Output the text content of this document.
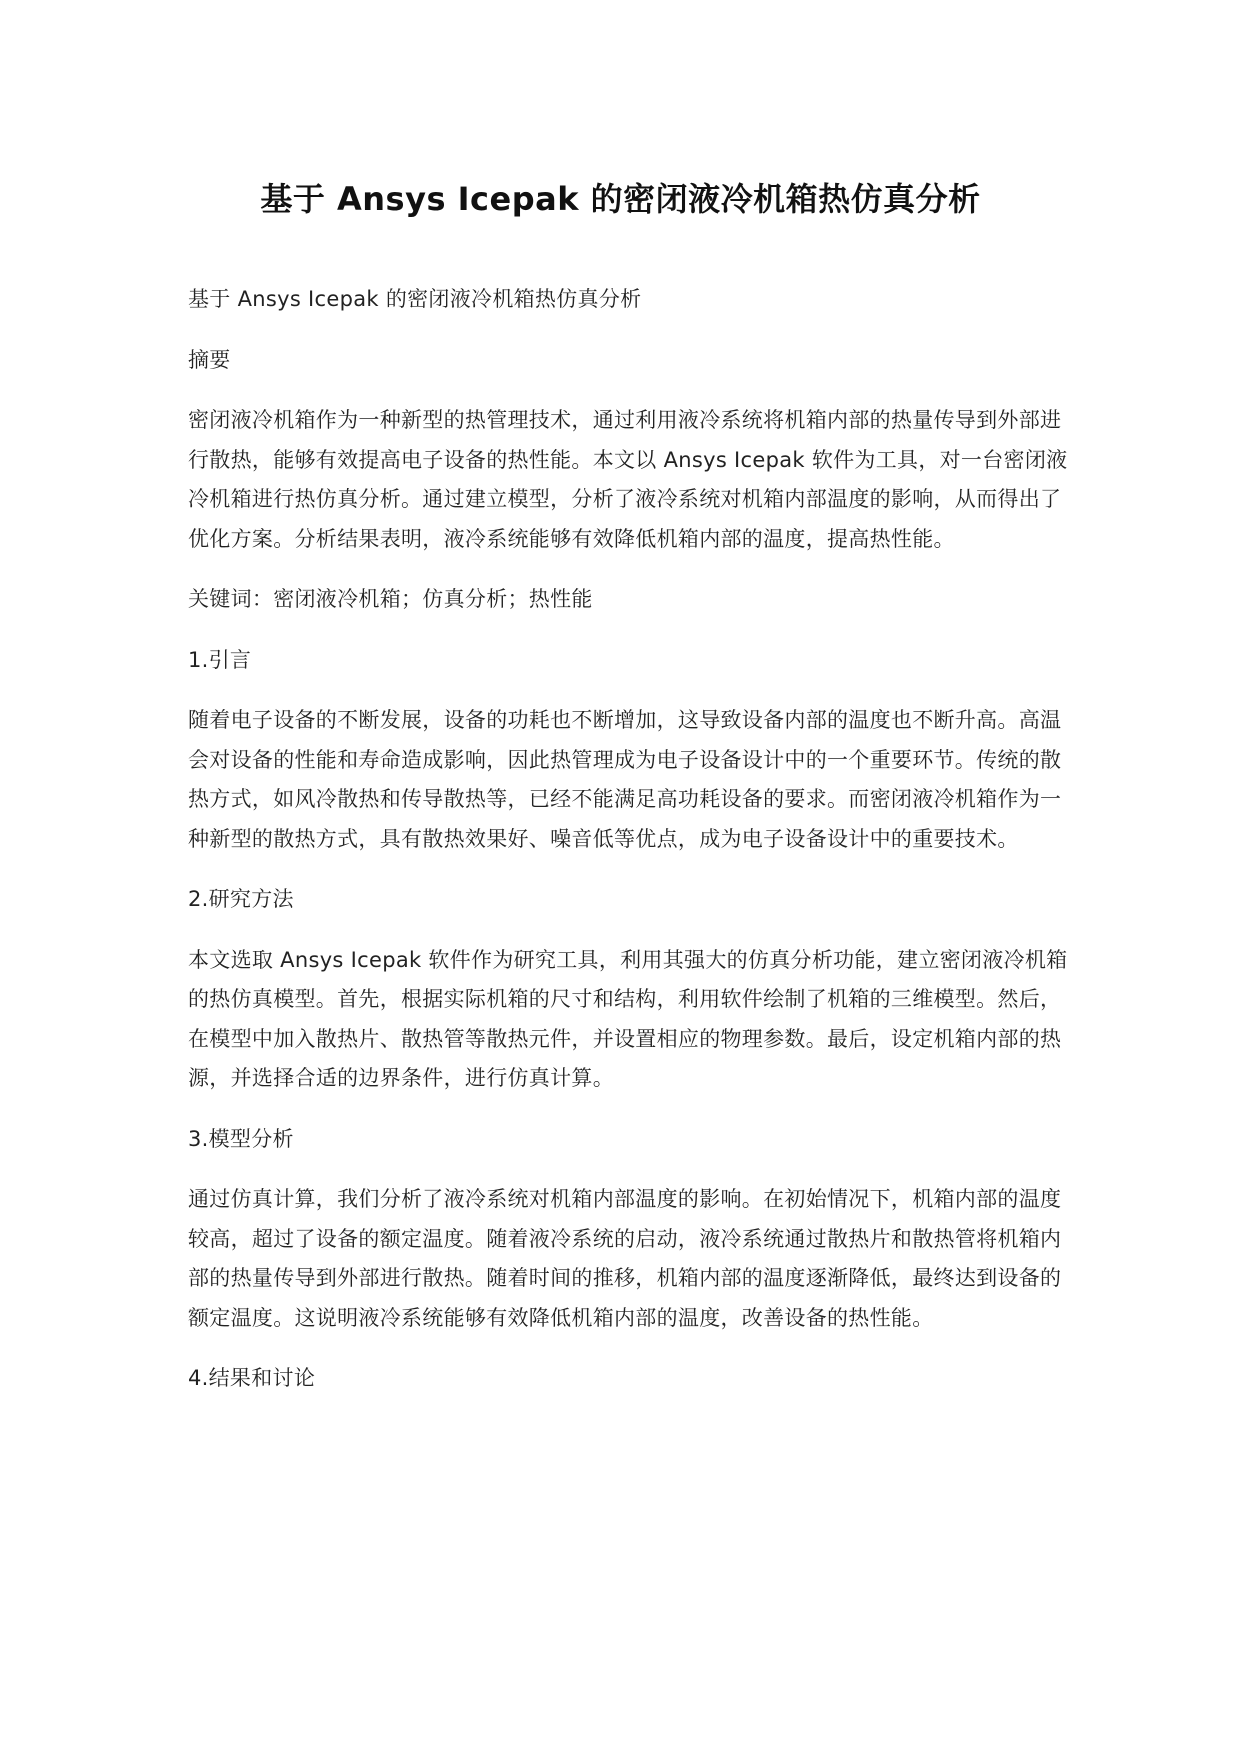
基于 Ansys Icepak 的密闭液冷机箱热仿真分析

基于 Ansys Icepak 的密闭液冷机箱热仿真分析

摘要

密闭液冷机箱作为一种新型的热管理技术，通过利用液冷系统将机箱内部的热量传导到外部进行散热，能够有效提高电子设备的热性能。本文以 Ansys Icepak 软件为工具，对一台密闭液冷机箱进行热仿真分析。通过建立模型，分析了液冷系统对机箱内部温度的影响，从而得出了优化方案。分析结果表明，液冷系统能够有效降低机箱内部的温度，提高热性能。

关键词：密闭液冷机箱；仿真分析；热性能

1.引言

随着电子设备的不断发展，设备的功耗也不断增加，这导致设备内部的温度也不断升高。高温会对设备的性能和寿命造成影响，因此热管理成为电子设备设计中的一个重要环节。传统的散热方式，如风冷散热和传导散热等，已经不能满足高功耗设备的要求。而密闭液冷机箱作为一种新型的散热方式，具有散热效果好、噪音低等优点，成为电子设备设计中的重要技术。

2.研究方法

本文选取 Ansys Icepak 软件作为研究工具，利用其强大的仿真分析功能，建立密闭液冷机箱的热仿真模型。首先，根据实际机箱的尺寸和结构，利用软件绘制了机箱的三维模型。然后，在模型中加入散热片、散热管等散热元件，并设置相应的物理参数。最后，设定机箱内部的热源，并选择合适的边界条件，进行仿真计算。

3.模型分析

通过仿真计算，我们分析了液冷系统对机箱内部温度的影响。在初始情况下，机箱内部的温度较高，超过了设备的额定温度。随着液冷系统的启动，液冷系统通过散热片和散热管将机箱内部的热量传导到外部进行散热。随着时间的推移，机箱内部的温度逐渐降低，最终达到设备的额定温度。这说明液冷系统能够有效降低机箱内部的温度，改善设备的热性能。

4.结果和讨论
